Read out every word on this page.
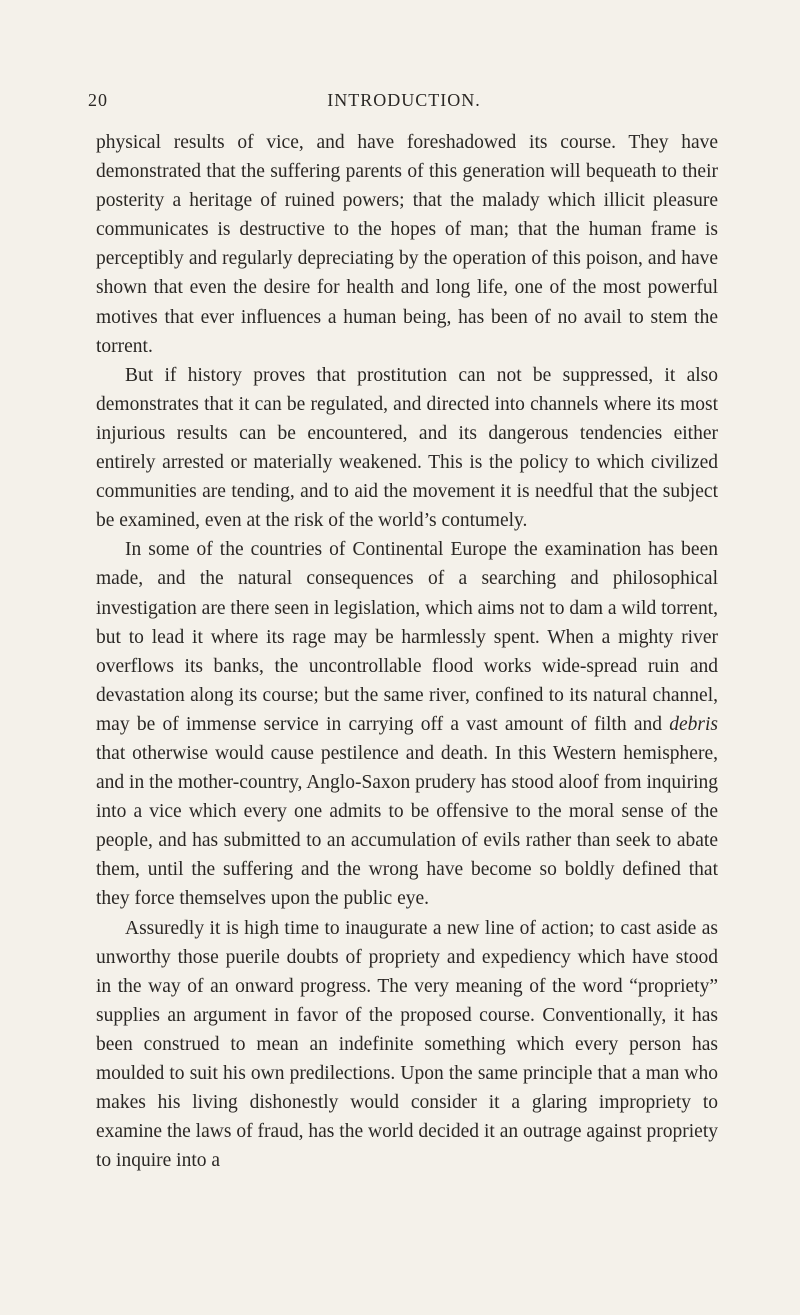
20	INTRODUCTION.

physical results of vice, and have foreshadowed its course. They have demonstrated that the suffering parents of this generation will bequeath to their posterity a heritage of ruined powers; that the malady which illicit pleasure communicates is destructive to the hopes of man; that the human frame is perceptibly and regularly depreciating by the operation of this poison, and have shown that even the desire for health and long life, one of the most powerful motives that ever influences a human being, has been of no avail to stem the torrent.

But if history proves that prostitution can not be suppressed, it also demonstrates that it can be regulated, and directed into channels where its most injurious results can be encountered, and its dangerous tendencies either entirely arrested or materially weakened. This is the policy to which civilized communities are tending, and to aid the movement it is needful that the subject be examined, even at the risk of the world’s contumely.

In some of the countries of Continental Europe the examination has been made, and the natural consequences of a searching and philosophical investigation are there seen in legislation, which aims not to dam a wild torrent, but to lead it where its rage may be harmlessly spent. When a mighty river overflows its banks, the uncontrollable flood works wide-spread ruin and devastation along its course; but the same river, confined to its natural channel, may be of immense service in carrying off a vast amount of filth and debris that otherwise would cause pestilence and death. In this Western hemisphere, and in the mother-country, Anglo-Saxon prudery has stood aloof from inquiring into a vice which every one admits to be offensive to the moral sense of the people, and has submitted to an accumulation of evils rather than seek to abate them, until the suffering and the wrong have become so boldly defined that they force themselves upon the public eye.

Assuredly it is high time to inaugurate a new line of action; to cast aside as unworthy those puerile doubts of propriety and expediency which have stood in the way of an onward progress. The very meaning of the word “propriety” supplies an argument in favor of the proposed course. Conventionally, it has been construed to mean an indefinite something which every person has moulded to suit his own predilections. Upon the same principle that a man who makes his living dishonestly would consider it a glaring impropriety to examine the laws of fraud, has the world decided it an outrage against propriety to inquire into a
